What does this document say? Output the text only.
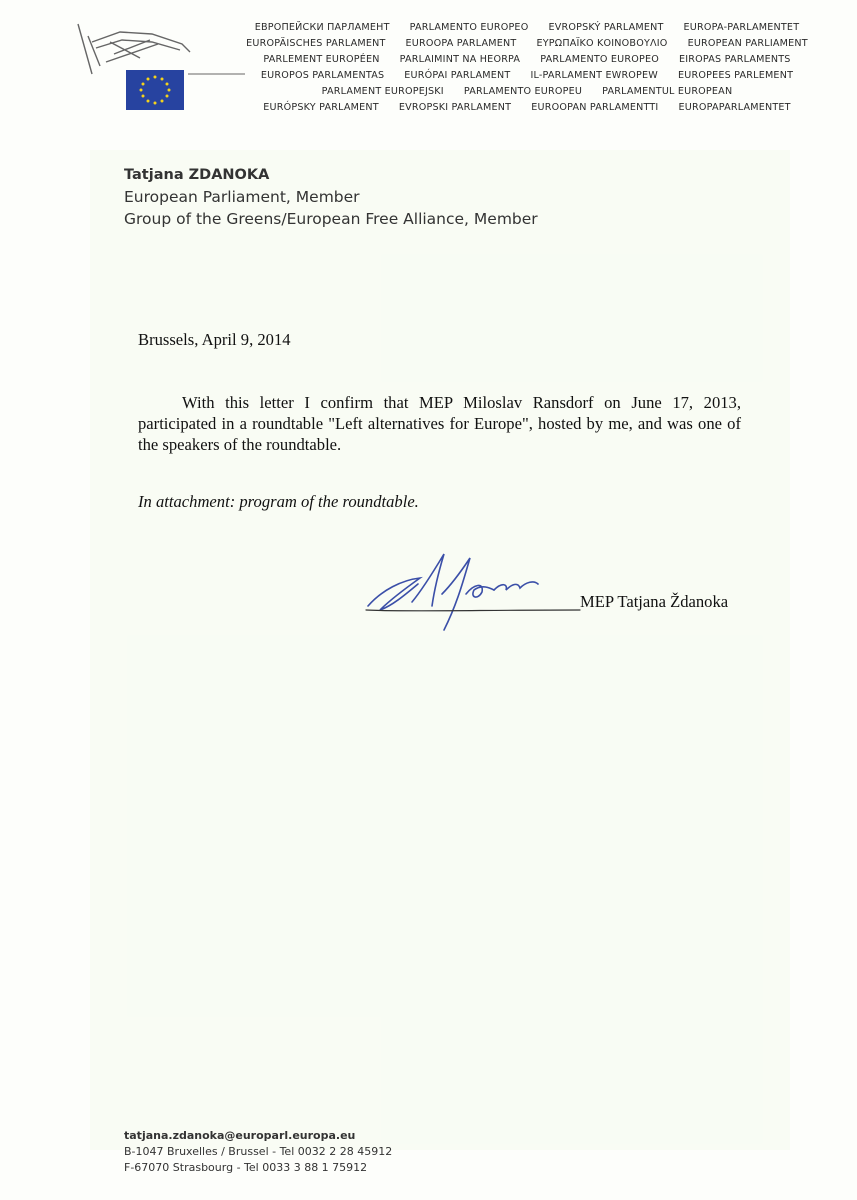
ЕВРОПЕЙСКИ ПАРЛАМЕНТ PARLAMENTO EUROPEO EVROPSKÝ PARLAMENT EUROPA-PARLAMENTET
EUROPÄISCHES PARLAMENT EUROOPA PARLAMENT ΕΥΡΩΠΑΪΚΟ ΚΟΙΝΟΒΟΥΛΙΟ EUROPEAN PARLIAMENT
PARLEMENT EUROPÉEN PARLAIMINT NA HEORPA PARLAMENTO EUROPEO EIROPAS PARLAMENTS
EUROPOS PARLAMENTAS EURÓPAI PARLAMENT IL-PARLAMENT EWROPEW EUROPEES PARLEMENT
PARLAMENT EUROPEJSKI PARLAMENTO EUROPEU PARLAMENTUL EUROPEAN
EURÓPSKY PARLAMENT EVROPSKI PARLAMENT EUROOPAN PARLAMENTTI EUROPAPARLAMENTET
Tatjana ZDANOKA
European Parliament, Member
Group of the Greens/European Free Alliance, Member
Brussels, April 9, 2014
With this letter I confirm that MEP Miloslav Ransdorf on June 17, 2013, participated in a roundtable "Left alternatives for Europe", hosted by me, and was one of the speakers of the roundtable.
In attachment: program of the roundtable.
MEP Tatjana Ždanoka
tatjana.zdanoka@europarl.europa.eu
B-1047 Bruxelles / Brussel - Tel 0032 2 28 45912
F-67070 Strasbourg - Tel 0033 3 88 1 75912
